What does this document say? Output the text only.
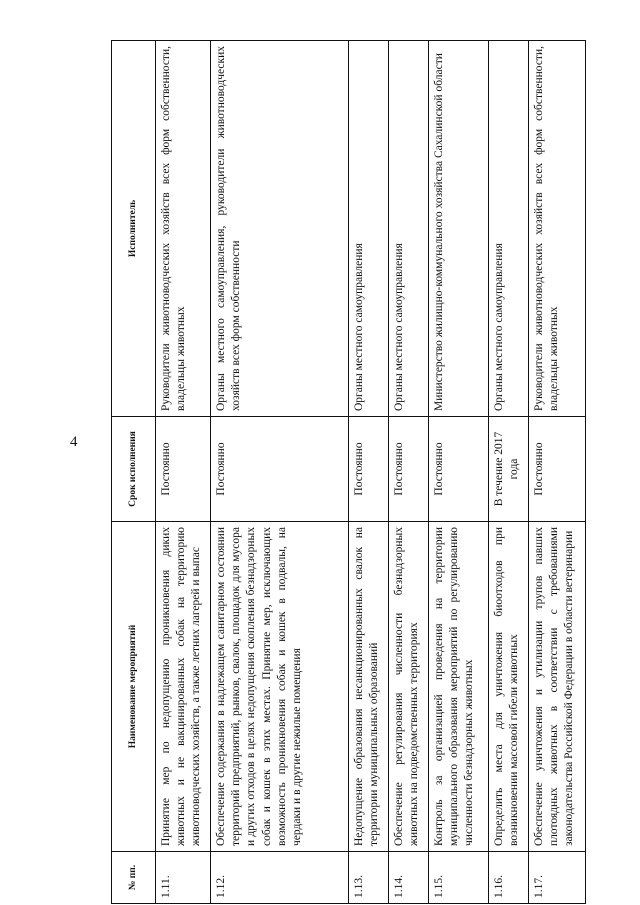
4
№ пп.	Наименование мероприятий	Срок исполнения	Исполнитель
1.11.	Принятие мер по недопущению проникновения диких животных и не вакцинированных собак на территорию животноводческих хозяйств, а также летних лагерей и выпас	Постоянно	Руководители животноводческих хозяйств всех форм собственности, владельцы животных
1.12.	Обеспечение содержания в надлежащем санитарном состоянии территорий предприятий, рынков, свалок, площадок для мусора и других отходов в целях недопущения скопления безнадзорных собак и кошек в этих местах. Принятие мер, исключающих возможность проникновения собак и кошек в подвалы, на чердаки и в другие нежилые помещения	Постоянно	Органы местного самоуправления, руководители животноводческих хозяйств всех форм собственности
1.13.	Недопущение образования несанкционированных свалок на территории муниципальных образований	Постоянно	Органы местного самоуправления
1.14.	Обеспечение регулирования численности безнадзорных животных на подведомственных территориях	Постоянно	Органы местного самоуправления
1.15.	Контроль за организацией проведения на территории муниципального образования мероприятий по регулированию численности безнадзорных животных	Постоянно	Министерство жилищно-коммунального хозяйства Сахалинской области
1.16.	Определить места для уничтожения биоотходов при возникновении массовой гибели животных	В течение 2017 года	Органы местного самоуправления
1.17.	Обеспечение уничтожения и утилизации трупов павших плотоядных животных в соответствии с требованиями законодательства Российской Федерации в области ветеринарии	Постоянно	Руководители животноводческих хозяйств всех форм собственности, владельцы животных
